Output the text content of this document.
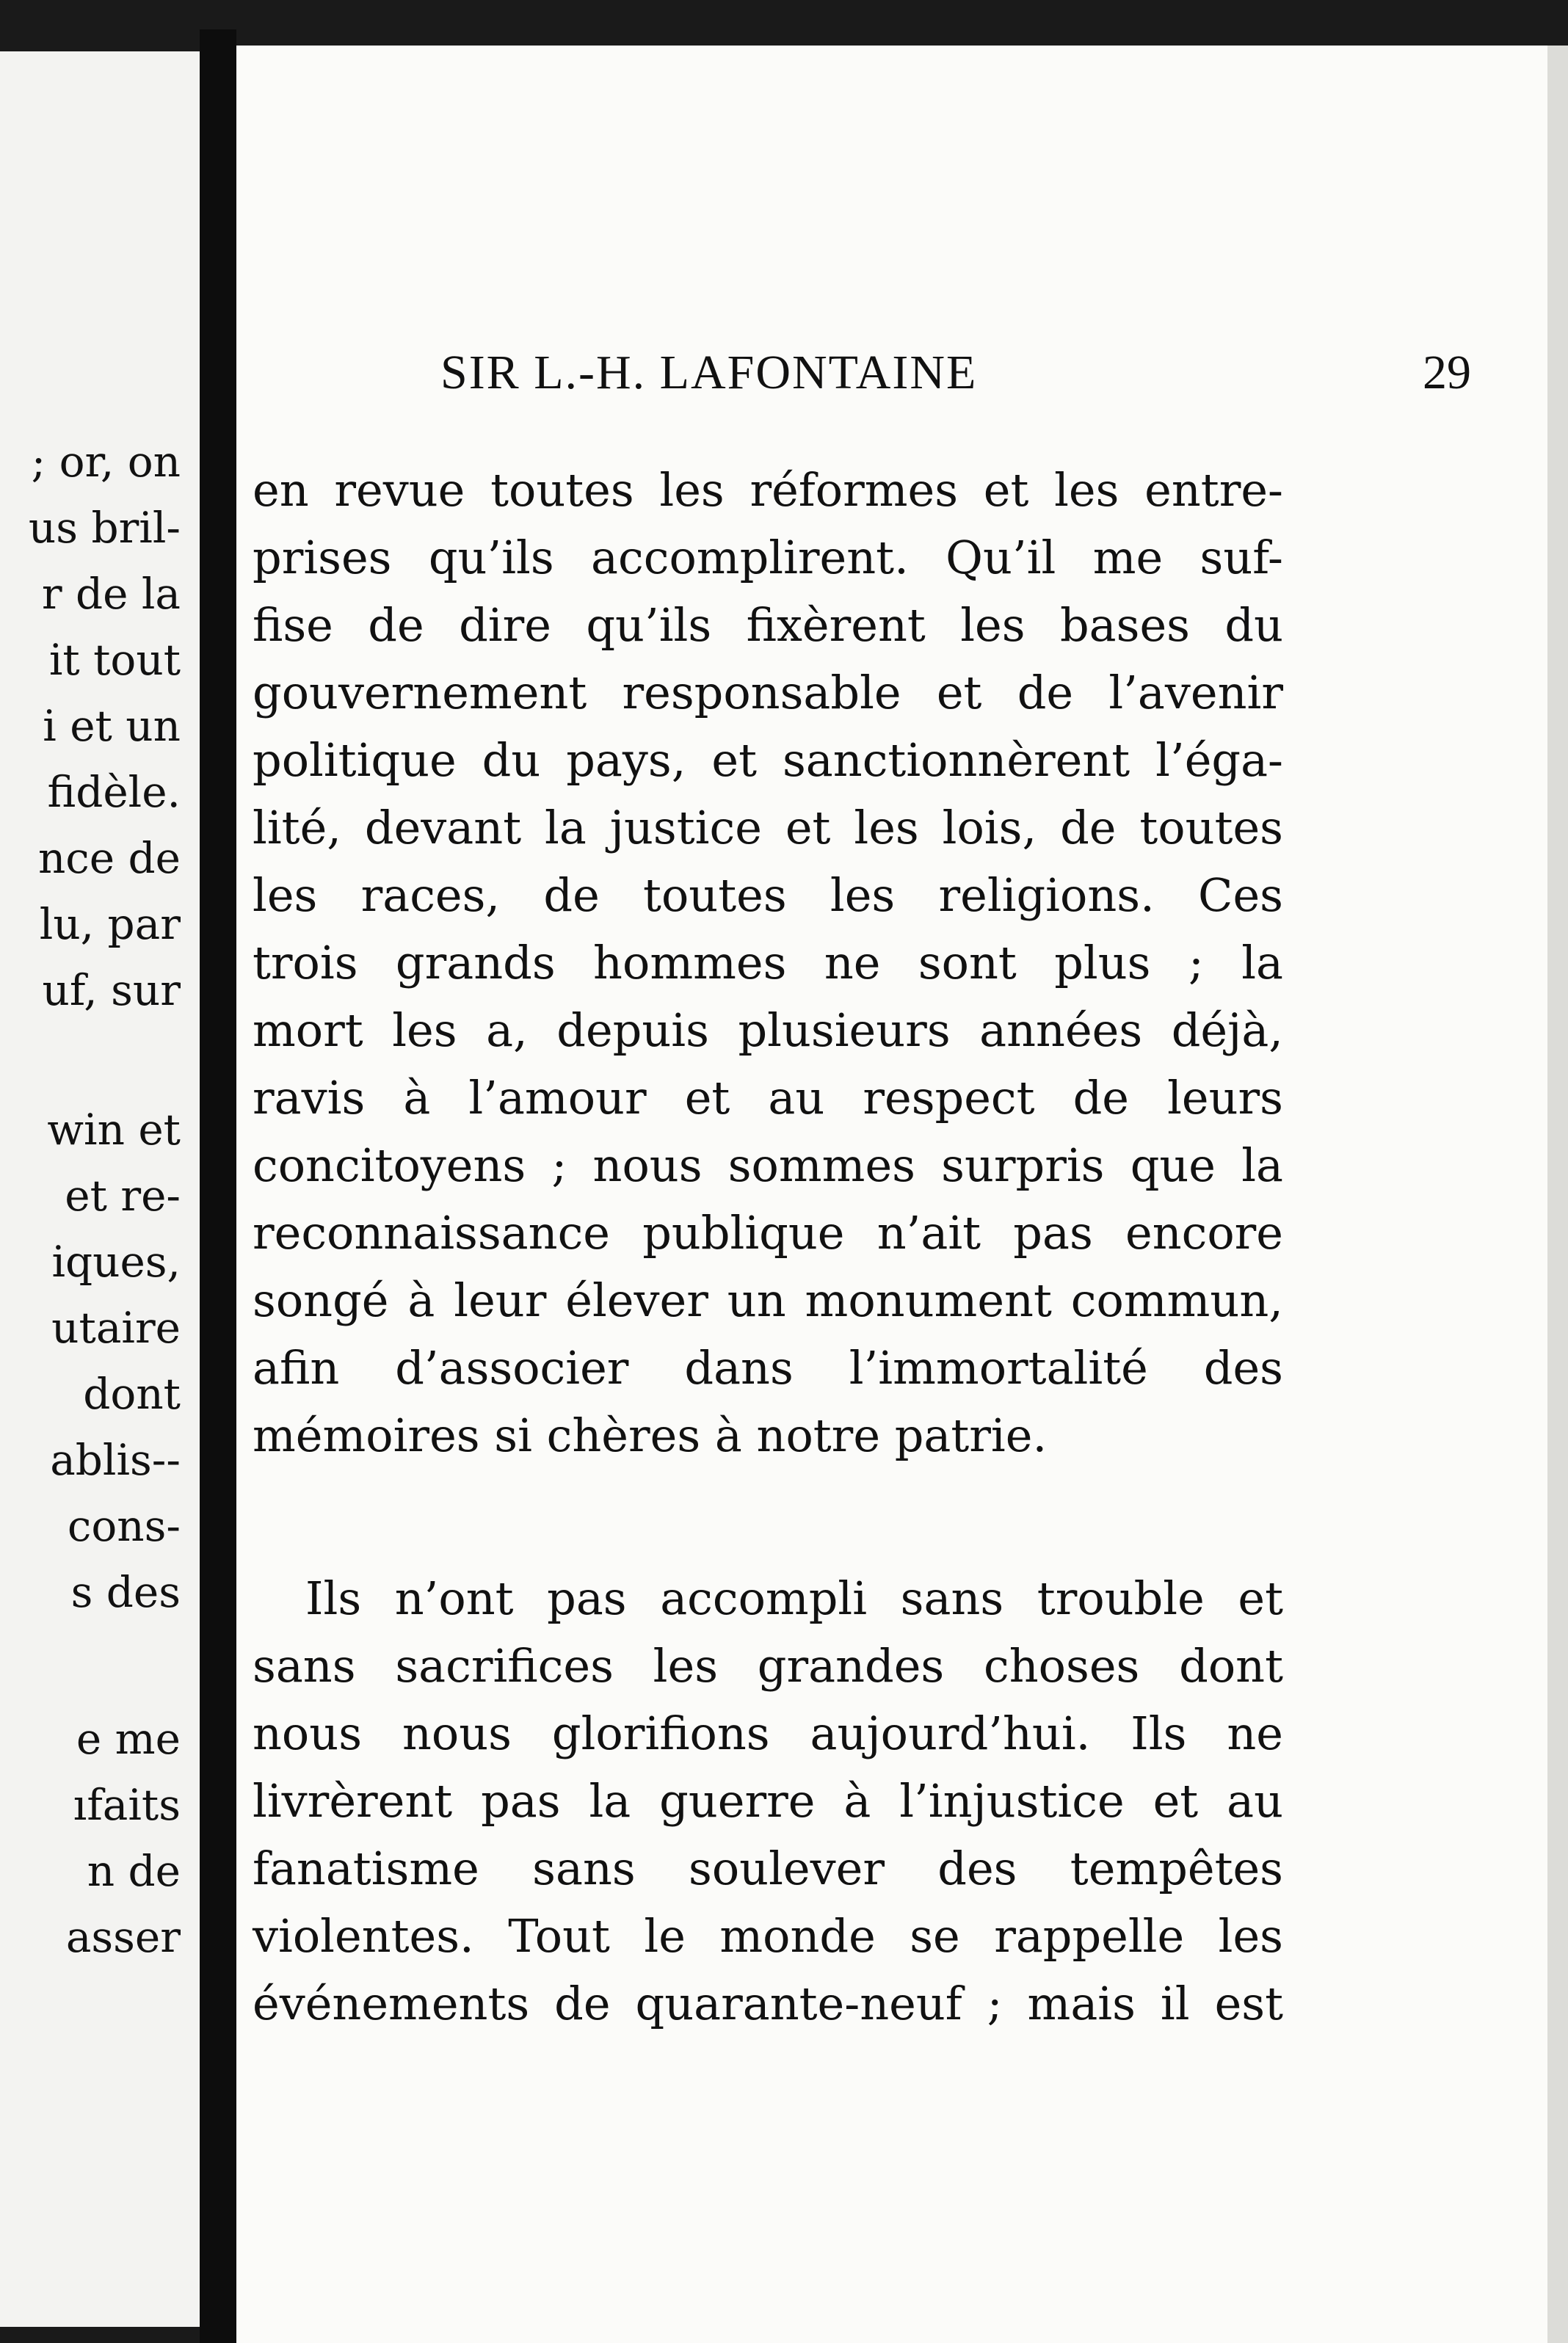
; or, on
us bril-
r de la
it tout
i et un
fidèle.
nce de
lu, par
uf, sur
win et
et re-
iques,
utaire
dont
ablis--
cons-
s des
e me
ıfaits
n de
asser
SIR L.-H. LAFONTAINE	29
en revue toutes les réformes et les entre-
prises qu’ils accomplirent. Qu’il me suf-
fise de dire qu’ils fixèrent les bases du
gouvernement responsable et de l’avenir
politique du pays, et sanctionnèrent l’éga-
lité, devant la justice et les lois, de toutes
les races, de toutes les religions. Ces
trois grands hommes ne sont plus ; la
mort les a, depuis plusieurs années déjà,
ravis à l’amour et au respect de leurs
concitoyens ; nous sommes surpris que la
reconnaissance publique n’ait pas encore
songé à leur élever un monument commun,
afin d’associer dans l’immortalité des
mémoires si chères à notre patrie.
Ils n’ont pas accompli sans trouble et
sans sacrifices les grandes choses dont
nous nous glorifions aujourd’hui. Ils ne
livrèrent pas la guerre à l’injustice et au
fanatisme sans soulever des tempêtes
violentes. Tout le monde se rappelle les
événements de quarante-neuf ; mais il est
